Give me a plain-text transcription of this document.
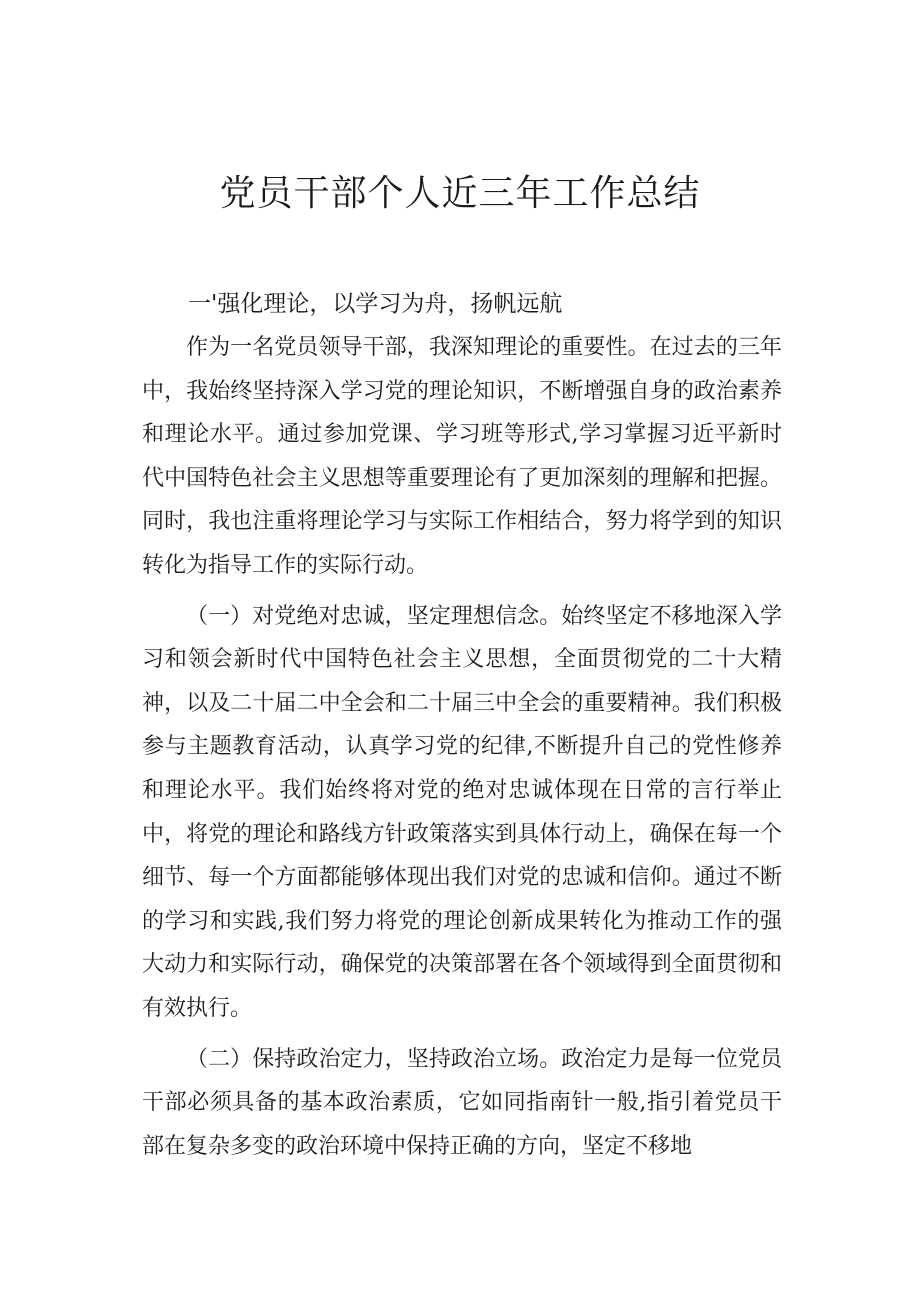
党员干部个人近三年工作总结
一'强化理论，以学习为舟，扬帆远航

作为一名党员领导干部，我深知理论的重要性。在过去的三年中，我始终坚持深入学习党的理论知识，不断增强自身的政治素养和理论水平。通过参加党课、学习班等形式,学习掌握习近平新时代中国特色社会主义思想等重要理论有了更加深刻的理解和把握。同时，我也注重将理论学习与实际工作相结合，努力将学到的知识转化为指导工作的实际行动。

（一）对党绝对忠诚，坚定理想信念。始终坚定不移地深入学习和领会新时代中国特色社会主义思想，全面贯彻党的二十大精神，以及二十届二中全会和二十届三中全会的重要精神。我们积极参与主题教育活动，认真学习党的纪律,不断提升自己的党性修养和理论水平。我们始终将对党的绝对忠诚体现在日常的言行举止中，将党的理论和路线方针政策落实到具体行动上，确保在每一个细节、每一个方面都能够体现出我们对党的忠诚和信仰。通过不断的学习和实践,我们努力将党的理论创新成果转化为推动工作的强大动力和实际行动，确保党的决策部署在各个领域得到全面贯彻和有效执行。

（二）保持政治定力，坚持政治立场。政治定力是每一位党员干部必须具备的基本政治素质，它如同指南针一般,指引着党员干部在复杂多变的政治环境中保持正确的方向，坚定不移地
